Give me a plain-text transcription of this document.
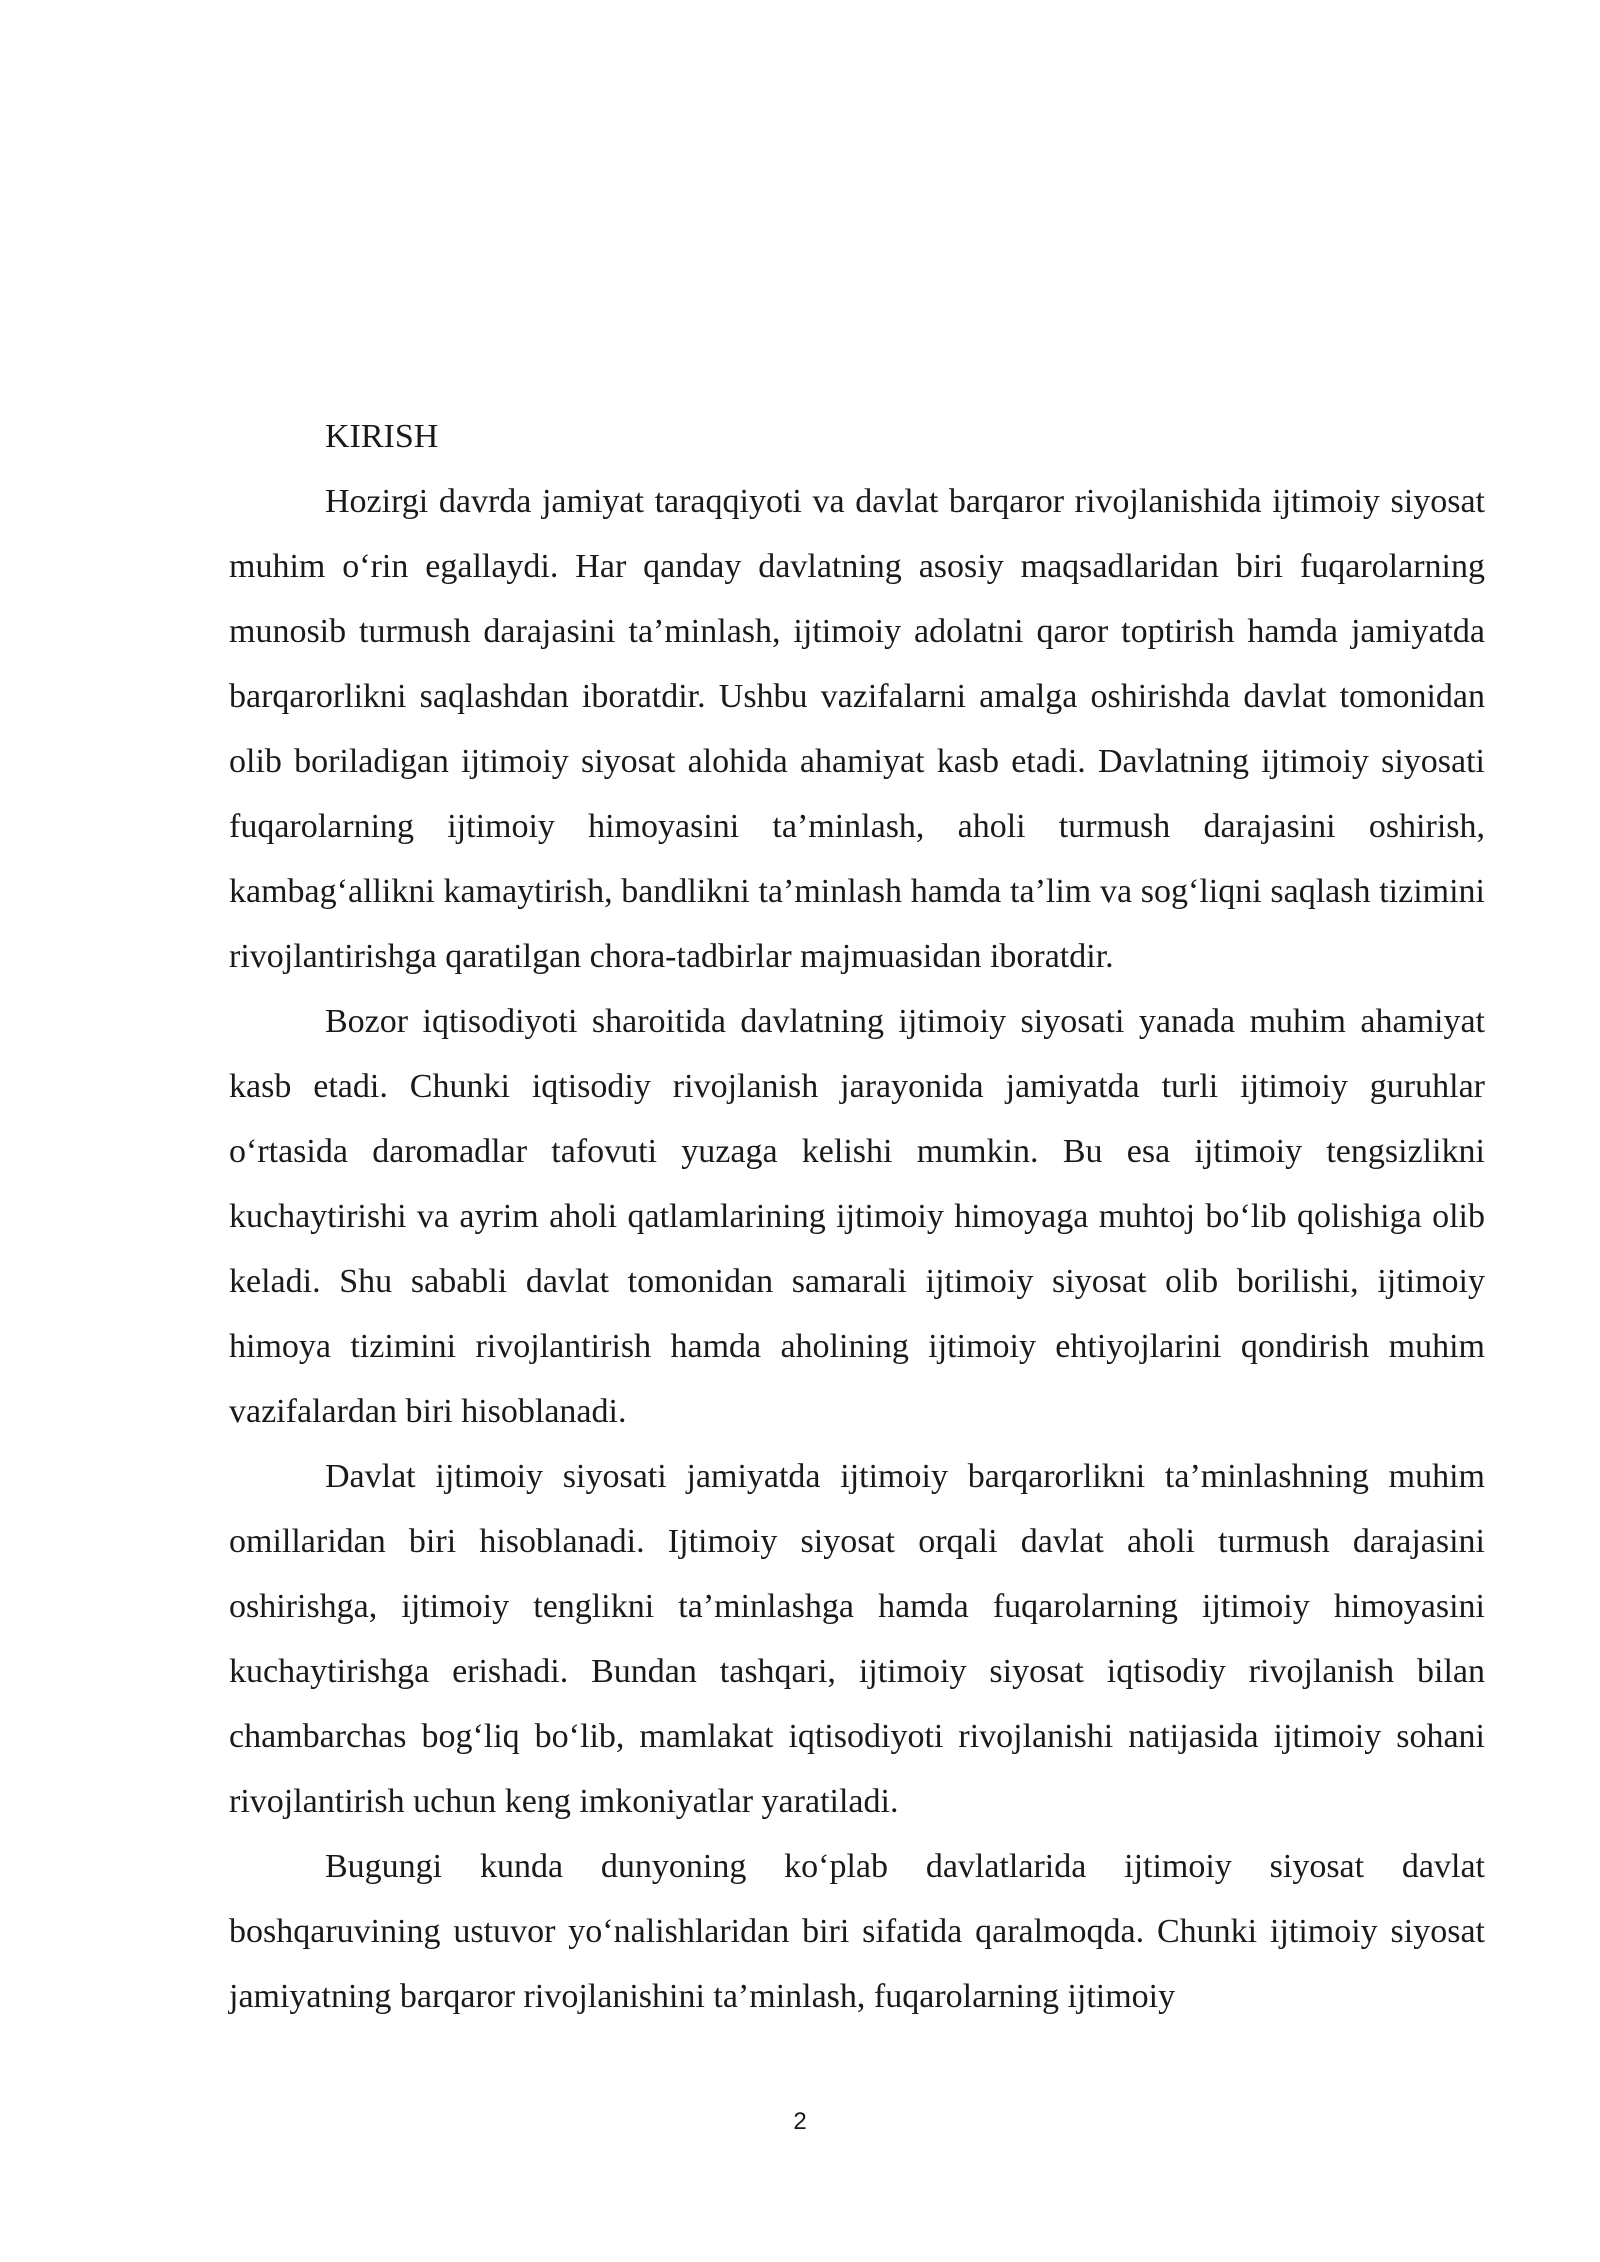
KIRISH

Hozirgi davrda jamiyat taraqqiyoti va davlat barqaror rivojlanishida ijtimoiy siyosat muhim o‘rin egallaydi. Har qanday davlatning asosiy maqsadlaridan biri fuqarolarning munosib turmush darajasini ta’minlash, ijtimoiy adolatni qaror toptirish hamda jamiyatda barqarorlikni saqlashdan iboratdir. Ushbu vazifalarni amalga oshirishda davlat tomonidan olib boriladigan ijtimoiy siyosat alohida ahamiyat kasb etadi. Davlatning ijtimoiy siyosati fuqarolarning ijtimoiy himoyasini ta’minlash, aholi turmush darajasini oshirish, kambag‘allikni kamaytirish, bandlikni ta’minlash hamda ta’lim va sog‘liqni saqlash tizimini rivojlantirishga qaratilgan chora-tadbirlar majmuasidan iboratdir.

Bozor iqtisodiyoti sharoitida davlatning ijtimoiy siyosati yanada muhim ahamiyat kasb etadi. Chunki iqtisodiy rivojlanish jarayonida jamiyatda turli ijtimoiy guruhlar o‘rtasida daromadlar tafovuti yuzaga kelishi mumkin. Bu esa ijtimoiy tengsizlikni kuchaytirishi va ayrim aholi qatlamlarining ijtimoiy himoyaga muhtoj bo‘lib qolishiga olib keladi. Shu sababli davlat tomonidan samarali ijtimoiy siyosat olib borilishi, ijtimoiy himoya tizimini rivojlantirish hamda aholining ijtimoiy ehtiyojlarini qondirish muhim vazifalardan biri hisoblanadi.

Davlat ijtimoiy siyosati jamiyatda ijtimoiy barqarorlikni ta’minlashning muhim omillaridan biri hisoblanadi. Ijtimoiy siyosat orqali davlat aholi turmush darajasini oshirishga, ijtimoiy tenglikni ta’minlashga hamda fuqarolarning ijtimoiy himoyasini kuchaytirishga erishadi. Bundan tashqari, ijtimoiy siyosat iqtisodiy rivojlanish bilan chambarchas bog‘liq bo‘lib, mamlakat iqtisodiyoti rivojlanishi natijasida ijtimoiy sohani rivojlantirish uchun keng imkoniyatlar yaratiladi.

Bugungi kunda dunyoning ko‘plab davlatlarida ijtimoiy siyosat davlat boshqaruvining ustuvor yo‘nalishlaridan biri sifatida qaralmoqda. Chunki ijtimoiy siyosat jamiyatning barqaror rivojlanishini ta’minlash, fuqarolarning ijtimoiy

2
